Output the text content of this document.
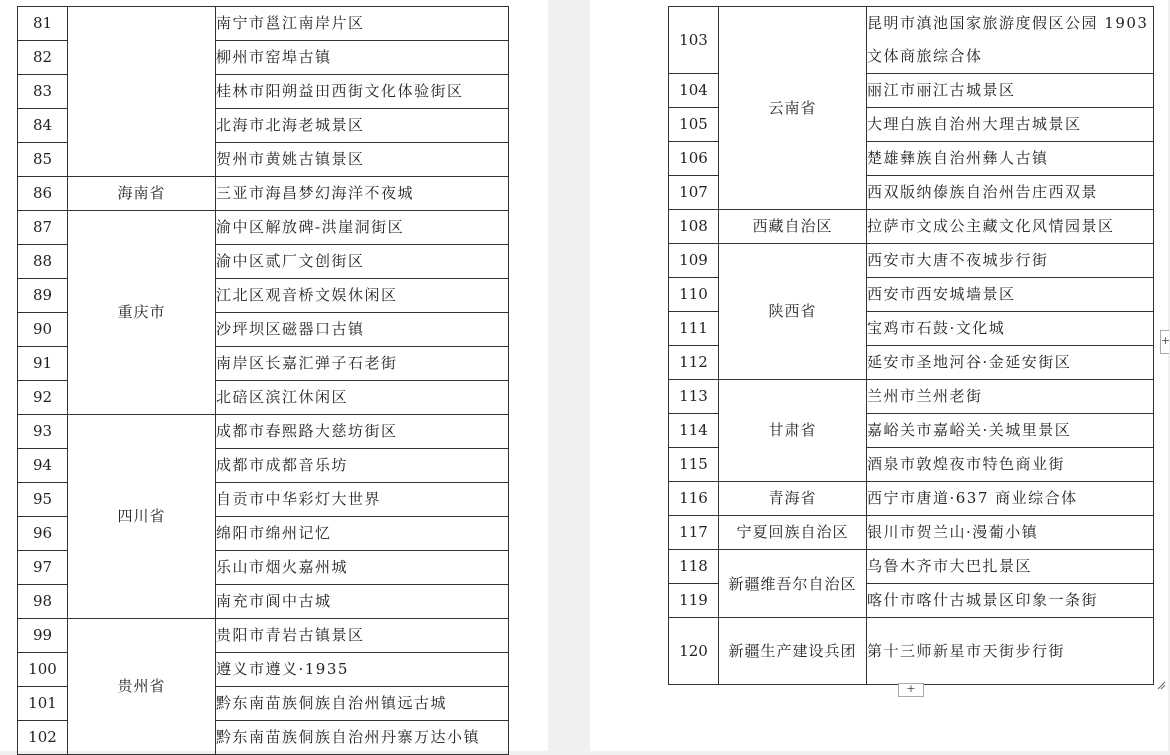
81		南宁市邕江南岸片区
82		柳州市窑埠古镇
83		桂林市阳朔益田西街文化体验街区
84		北海市北海老城景区
85		贺州市黄姚古镇景区
86	海南省	三亚市海昌梦幻海洋不夜城
87	重庆市	渝中区解放碑-洪崖洞街区
88		渝中区贰厂文创街区
89		江北区观音桥文娱休闲区
90		沙坪坝区磁器口古镇
91		南岸区长嘉汇弹子石老街
92		北碚区滨江休闲区
93	四川省	成都市春熙路大慈坊街区
94		成都市成都音乐坊
95		自贡市中华彩灯大世界
96		绵阳市绵州记忆
97		乐山市烟火嘉州城
98		南充市阆中古城
99	贵州省	贵阳市青岩古镇景区
100		遵义市遵义·1935
101		黔东南苗族侗族自治州镇远古城
102		黔东南苗族侗族自治州丹寨万达小镇
103	云南省	昆明市滇池国家旅游度假区公园 1903 文体商旅综合体
104		丽江市丽江古城景区
105		大理白族自治州大理古城景区
106		楚雄彝族自治州彝人古镇
107		西双版纳傣族自治州告庄西双景
108	西藏自治区	拉萨市文成公主藏文化风情园景区
109	陕西省	西安市大唐不夜城步行街
110		西安市西安城墙景区
111		宝鸡市石鼓·文化城
112		延安市圣地河谷·金延安街区
113	甘肃省	兰州市兰州老街
114		嘉峪关市嘉峪关·关城里景区
115		酒泉市敦煌夜市特色商业街
116	青海省	西宁市唐道·637 商业综合体
117	宁夏回族自治区	银川市贺兰山·漫葡小镇
118	新疆维吾尔自治区	乌鲁木齐市大巴扎景区
119		喀什市喀什古城景区印象一条街
120	新疆生产建设兵团	第十三师新星市天街步行街
+
+
